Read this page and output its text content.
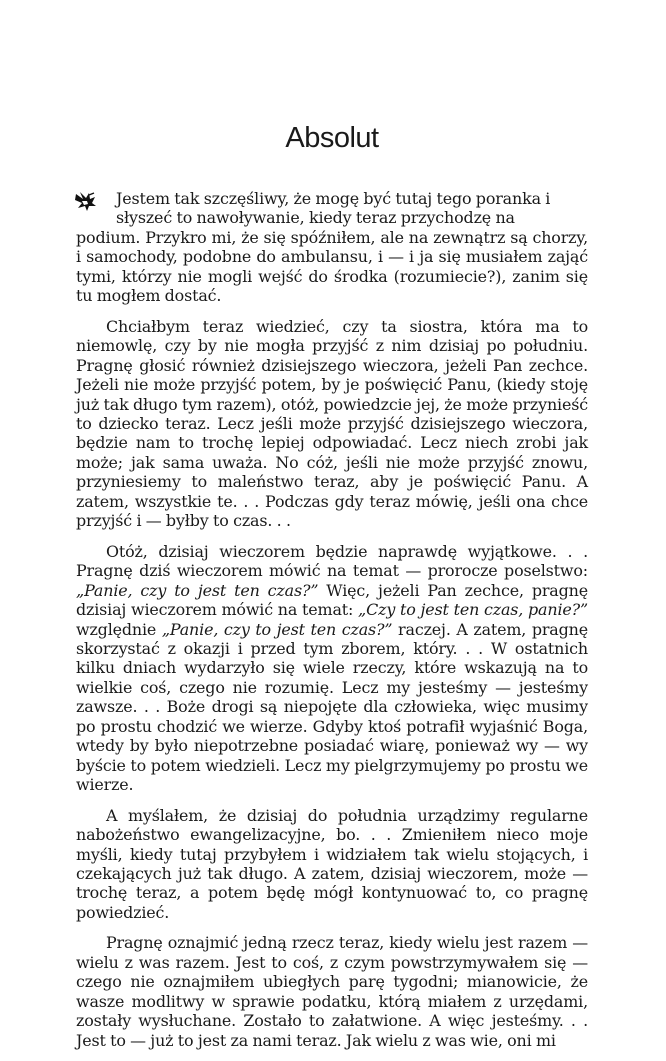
Absolut

Jestem tak szczęśliwy, że mogę być tutaj tego poranka i
słyszeć to nawoływanie, kiedy teraz przychodzę na
podium. Przykro mi, że się spóźniłem, ale na zewnątrz są chorzy, i samochody, podobne do ambulansu, i — i ja się musiałem zająć tymi, którzy nie mogli wejść do środka (rozumiecie?), zanim się tu mogłem dostać.

Chciałbym teraz wiedzieć, czy ta siostra, która ma to niemowlę, czy by nie mogła przyjść z nim dzisiaj po południu. Pragnę głosić również dzisiejszego wieczora, jeżeli Pan zechce. Jeżeli nie może przyjść potem, by je poświęcić Panu, (kiedy stoję już tak długo tym razem), otóż, powiedzcie jej, że może przynieść to dziecko teraz. Lecz jeśli może przyjść dzisiejszego wieczora, będzie nam to trochę lepiej odpowiadać. Lecz niech zrobi jak może; jak sama uważa. No cóż, jeśli nie może przyjść znowu, przyniesiemy to maleństwo teraz, aby je poświęcić Panu. A zatem, wszystkie te. . . Podczas gdy teraz mówię, jeśli ona chce przyjść i — byłby to czas. . .

Otóż, dzisiaj wieczorem będzie naprawdę wyjątkowe. . . Pragnę dziś wieczorem mówić na temat — prorocze poselstwo: „Panie, czy to jest ten czas?” Więc, jeżeli Pan zechce, pragnę dzisiaj wieczorem mówić na temat: „Czy to jest ten czas, panie?” względnie „Panie, czy to jest ten czas?” raczej. A zatem, pragnę skorzystać z okazji i przed tym zborem, który. . . W ostatnich kilku dniach wydarzyło się wiele rzeczy, które wskazują na to wielkie coś, czego nie rozumię. Lecz my jesteśmy — jesteśmy zawsze. . . Boże drogi są niepojęte dla człowieka, więc musimy po prostu chodzić we wierze. Gdyby ktoś potrafił wyjaśnić Boga, wtedy by było niepotrzebne posiadać wiarę, ponieważ wy — wy byście to potem wiedzieli. Lecz my pielgrzymujemy po prostu we wierze.

A myślałem, że dzisiaj do południa urządzimy regularne nabożeństwo ewangelizacyjne, bo. . . Zmieniłem nieco moje myśli, kiedy tutaj przybyłem i widziałem tak wielu stojących, i czekających już tak długo. A zatem, dzisiaj wieczorem, może — trochę teraz, a potem będę mógł kontynuować to, co pragnę powiedzieć.

Pragnę oznajmić jedną rzecz teraz, kiedy wielu jest razem — wielu z was razem. Jest to coś, z czym powstrzymywałem się — czego nie oznajmiłem ubiegłych parę tygodni; mianowicie, że wasze modlitwy w sprawie podatku, którą miałem z urzędami, zostały wysłuchane. Zostało to załatwione. A więc jesteśmy. . . Jest to — już to jest za nami teraz. Jak wielu z was wie, oni mi
